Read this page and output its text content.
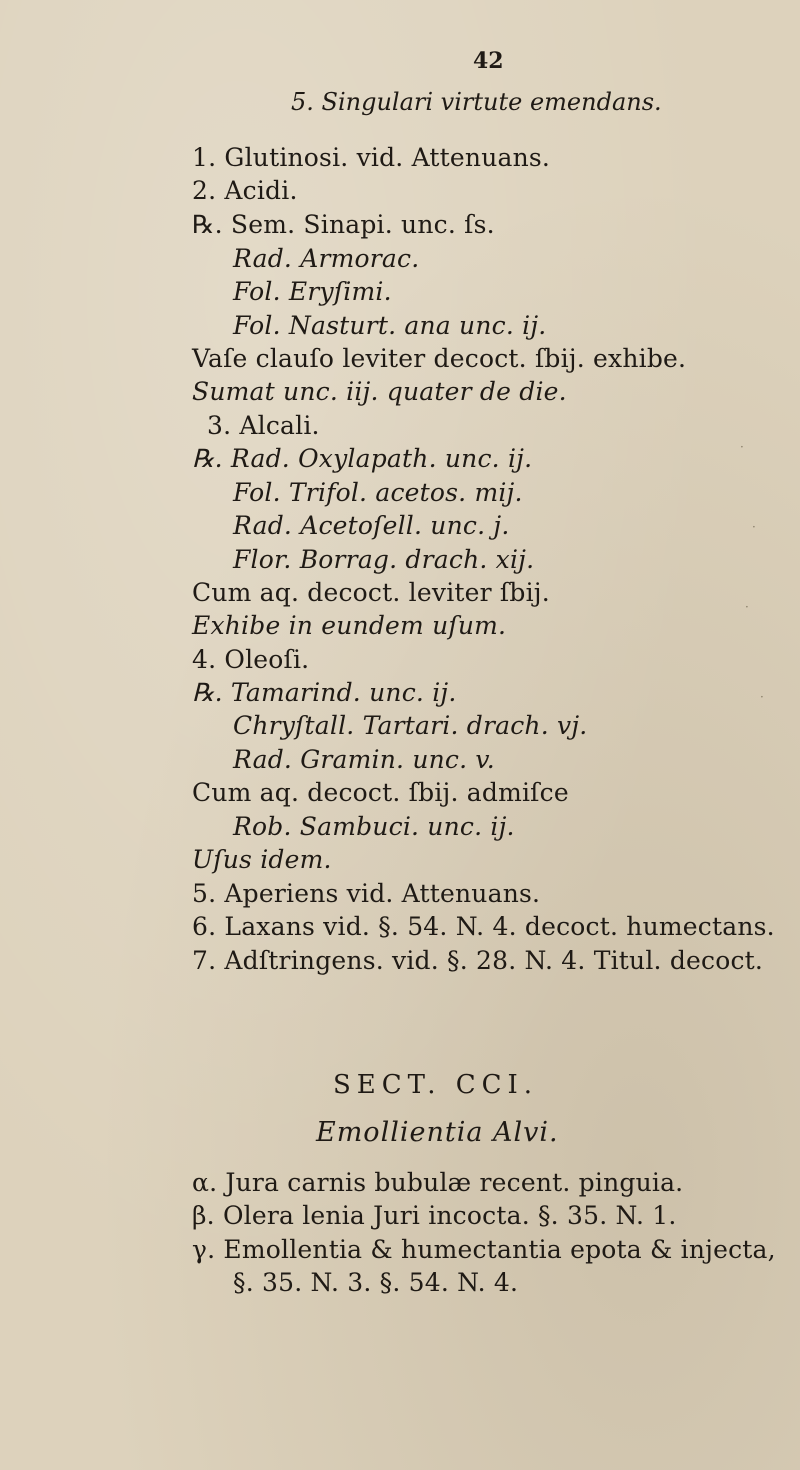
42
5. Singulari virtute emendans.
1. Glutinosi. vid. Attenuans.
2. Acidi.
℞. Sem. Sinapi. unc. ſs.
Rad. Armorac.
Fol. Eryſimi.
Fol. Nasturt. ana unc. ij.
Vaſe clauſo leviter decoct. ſbij. exhibe.
Sumat unc. iij. quater de die.
3. Alcali.
℞. Rad. Oxylapath. unc. ij.
Fol. Trifol. acetos. mij.
Rad. Acetoſell. unc. j.
Flor. Borrag. drach. xij.
Cum aq. decoct. leviter ſbij.
Exhibe in eundem uſum.
4. Oleoſi.
℞. Tamarind. unc. ij.
Chryſtall. Tartari. drach. vj.
Rad. Gramin. unc. v.
Cum aq. decoct. ſbij. admiſce
Rob. Sambuci. unc. ij.
Uſus idem.
5. Aperiens vid. Attenuans.
6. Laxans vid. §. 54. N. 4. decoct. humectans.
7. Adſtringens. vid. §. 28. N. 4. Titul. decoct.
SECT. CCI.
Emollientia Alvi.
α. Jura carnis bubulæ recent. pinguia.
β. Olera lenia Juri incocta. §. 35. N. 1.
γ. Emollentia & humectantia epota & injecta,
§. 35. N. 3. §. 54. N. 4.
·
·
·
·
